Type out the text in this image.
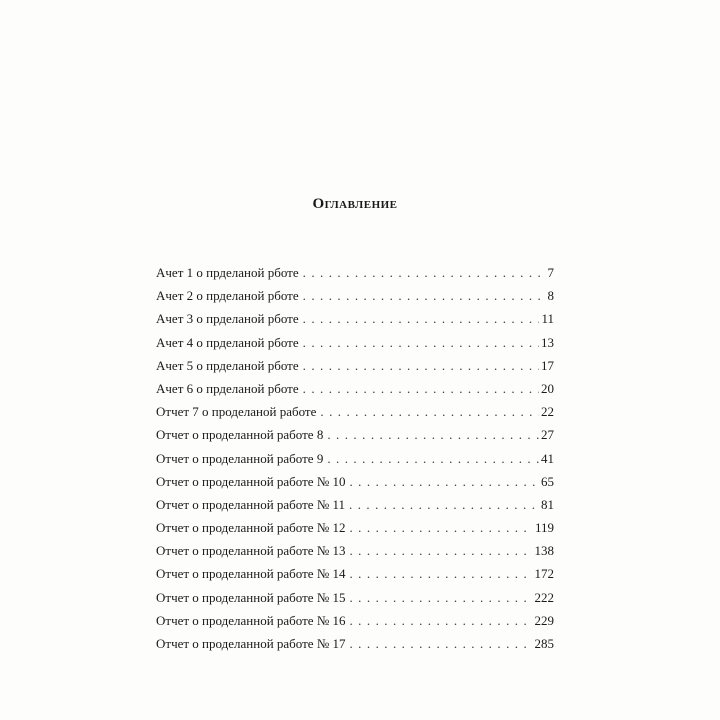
Оглавление
Ачет 1 о прделаной рботе . . .	7
Ачет 2 о прделаной рботе . . .	8
Ачет 3 о прделаной рботе . . .	11
Ачет 4 о прделаной рботе . . .	13
Ачет 5 о прделаной рботе . . .	17
Ачет 6 о прделаной рботе . . .	20
Отчет 7 о проделаной работе . . .	22
Отчет о проделанной работе 8 . . .	27
Отчет о проделанной работе 9 . . .	41
Отчет о проделанной работе № 10 . . .	65
Отчет о проделанной работе № 11 . . .	81
Отчет о проделанной работе № 12 . . .	119
Отчет о проделанной работе № 13 . . .	138
Отчет о проделанной работе № 14 . . .	172
Отчет о проделанной работе № 15 . . .	222
Отчет о проделанной работе № 16 . . .	229
Отчет о проделанной работе № 17 . . .	285
